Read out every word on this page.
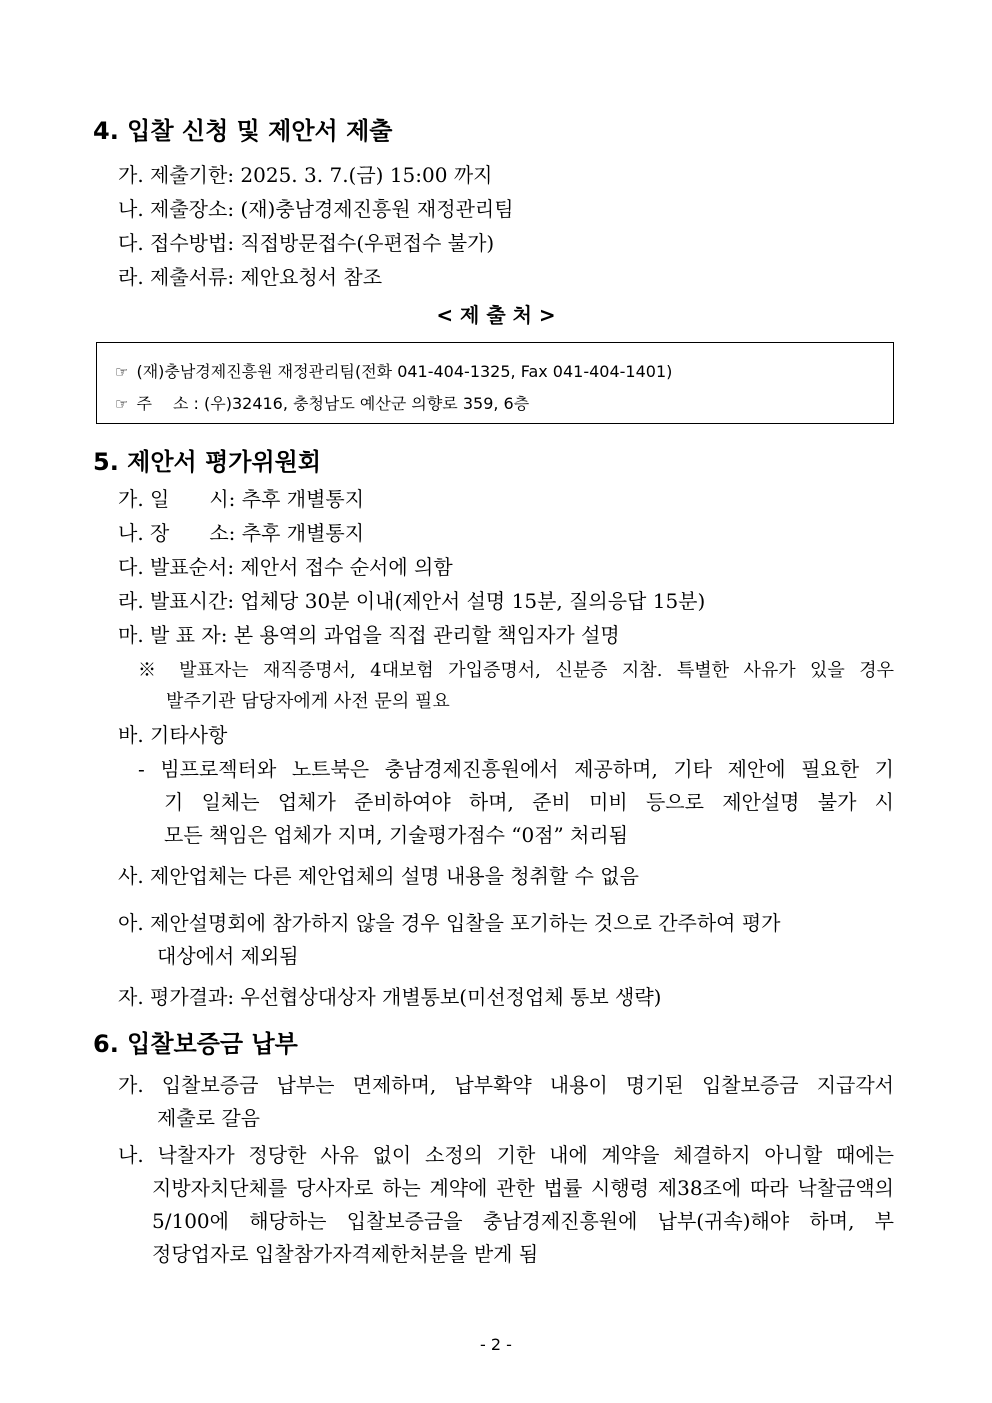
4. 입찰 신청 및 제안서 제출
가. 제출기한: 2025. 3. 7.(금) 15:00 까지
나. 제출장소: (재)충남경제진흥원 재정관리팀
다. 접수방법: 직접방문접수(우편접수 불가)
라. 제출서류: 제안요청서 참조
< 제 출 처 >
☞ (재)충남경제진흥원 재정관리팀(전화 041-404-1325, Fax 041-404-1401)
☞ 주 　소 : (우)32416, 충청남도 예산군 의향로 359, 6층
5. 제안서 평가위원회
가. 일　　시: 추후 개별통지
나. 장　　소: 추후 개별통지
다. 발표순서: 제안서 접수 순서에 의함
라. 발표시간: 업체당 30분 이내(제안서 설명 15분, 질의응답 15분)
마. 발 표 자: 본 용역의 과업을 직접 관리할 책임자가 설명
※ 발표자는 재직증명서, 4대보험 가입증명서, 신분증 지참. 특별한 사유가 있을 경우
발주기관 담당자에게 사전 문의 필요
바. 기타사항
- 빔프로젝터와 노트북은 충남경제진흥원에서 제공하며, 기타 제안에 필요한 기
기 일체는 업체가 준비하여야 하며, 준비 미비 등으로 제안설명 불가 시
모든 책임은 업체가 지며, 기술평가점수 “0점” 처리됨
사. 제안업체는 다른 제안업체의 설명 내용을 청취할 수 없음
아. 제안설명회에 참가하지 않을 경우 입찰을 포기하는 것으로 간주하여 평가
대상에서 제외됨
자. 평가결과: 우선협상대상자 개별통보(미선정업체 통보 생략)
6. 입찰보증금 납부
가. 입찰보증금 납부는 면제하며, 납부확약 내용이 명기된 입찰보증금 지급각서
제출로 갈음
나. 낙찰자가 정당한 사유 없이 소정의 기한 내에 계약을 체결하지 아니할 때에는
지방자치단체를 당사자로 하는 계약에 관한 법률 시행령 제38조에 따라 낙찰금액의
5/100에 해당하는 입찰보증금을 충남경제진흥원에 납부(귀속)해야 하며, 부
정당업자로 입찰참가자격제한처분을 받게 됨
- 2 -
